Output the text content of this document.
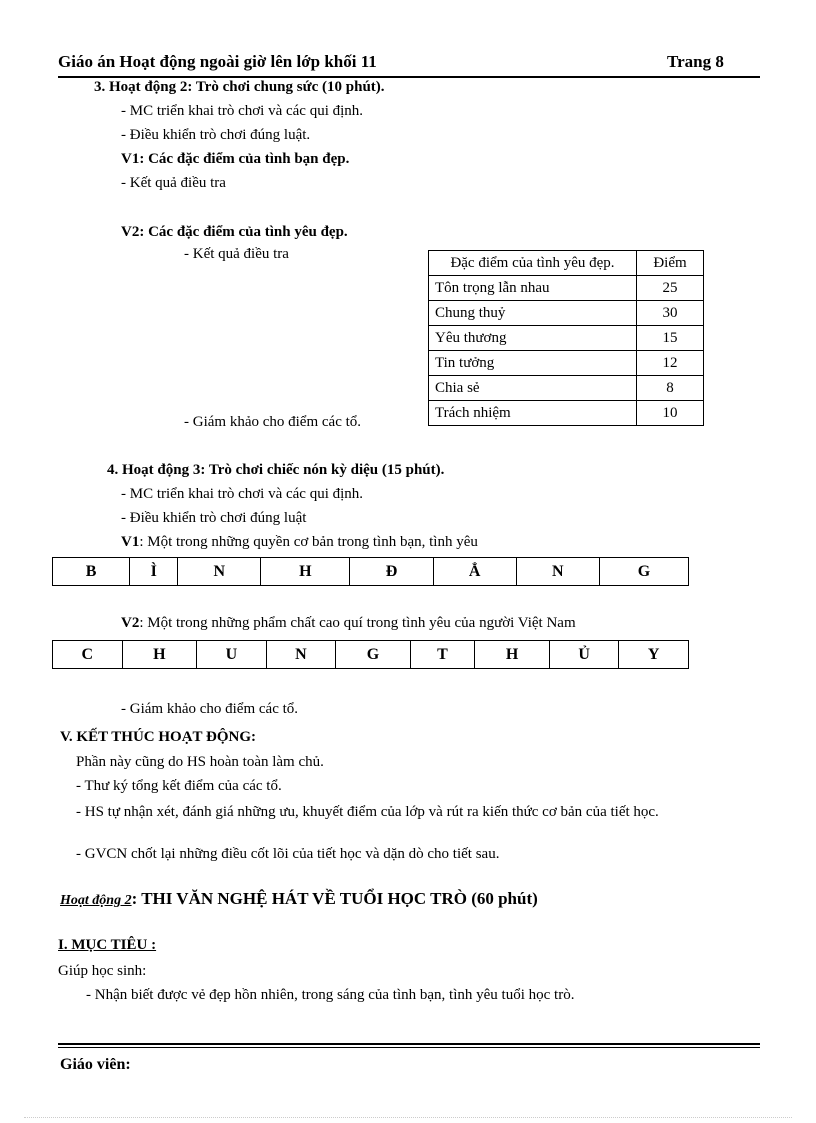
Giáo án Hoạt động ngoài giờ lên lớp khối 11	Trang 8
3. Hoạt động 2: Trò chơi chung sức (10 phút).
- MC triển khai trò chơi và các qui định.
- Điều khiển trò chơi đúng luật.
V1: Các đặc điểm của tình bạn đẹp.
- Kết quả điều tra
V2: Các đặc điểm của tình yêu đẹp.
- Kết quả điều tra
- Giám khảo cho điểm các tổ.
Đặc điểm của tình yêu đẹp.	Điểm
Tôn trọng lẫn nhau	25
Chung thuỷ	30
Yêu thương	15
Tin tưởng	12
Chia sẻ	8
Trách nhiệm	10
4. Hoạt động 3: Trò chơi chiếc nón kỳ diệu (15 phút).
- MC triển khai trò chơi và các qui định.
- Điều khiển trò chơi đúng luật
V1: Một trong những quyền cơ bản trong tình bạn, tình yêu
B	Ì	N	H	Đ	Ẳ	N	G
V2: Một trong những phẩm chất cao quí trong tình yêu của người Việt Nam
C	H	U	N	G	T	H	Ủ	Y
- Giám khảo cho điểm các tổ.
V. KẾT THÚC HOẠT ĐỘNG:
Phần này cũng do HS hoàn toàn làm chủ.
- Thư ký tổng kết điểm của các tổ.
- HS tự nhận xét, đánh giá những ưu, khuyết điểm của lớp và rút ra kiến thức cơ bản của tiết học.
- GVCN chốt lại những điều cốt lõi của tiết học và dặn dò cho tiết sau.
Hoạt động 2: THI VĂN NGHỆ HÁT VỀ TUỔI HỌC TRÒ (60 phút)
I. MỤC TIÊU :
Giúp học sinh:
- Nhận biết được vẻ đẹp hồn nhiên, trong sáng của tình bạn, tình yêu tuổi học trò.
Giáo viên:
